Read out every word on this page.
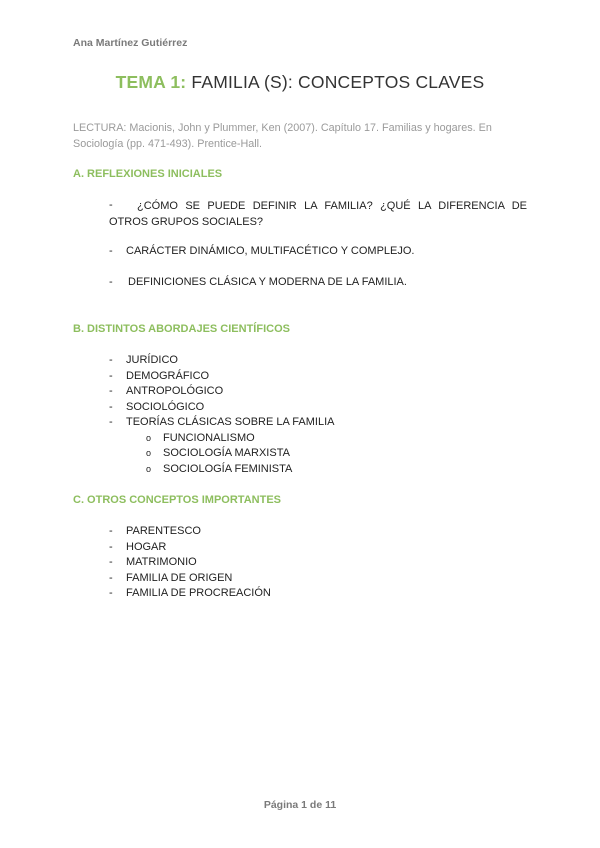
Ana Martínez Gutiérrez
TEMA 1: FAMILIA (S): CONCEPTOS CLAVES
LECTURA: Macionis, John y Plummer, Ken (2007). Capítulo 17. Familias y hogares. En Sociología (pp. 471-493). Prentice-Hall.
A. REFLEXIONES INICIALES
-	¿CÓMO SE PUEDE DEFINIR LA FAMILIA? ¿QUÉ LA DIFERENCIA DE OTROS GRUPOS SOCIALES?
- CARÁCTER DINÁMICO, MULTIFACÉTICO Y COMPLEJO.
- DEFINICIONES CLÁSICA Y MODERNA DE LA FAMILIA.
B. DISTINTOS ABORDAJES CIENTÍFICOS
- JURÍDICO
- DEMOGRÁFICO
- ANTROPOLÓGICO
- SOCIOLÓGICO
- TEORÍAS CLÁSICAS SOBRE LA FAMILIA
o FUNCIONALISMO
o SOCIOLOGÍA MARXISTA
o SOCIOLOGÍA FEMINISTA
C. OTROS CONCEPTOS IMPORTANTES
- PARENTESCO
- HOGAR
- MATRIMONIO
- FAMILIA DE ORIGEN
- FAMILIA DE PROCREACIÓN
Página 1 de 11
